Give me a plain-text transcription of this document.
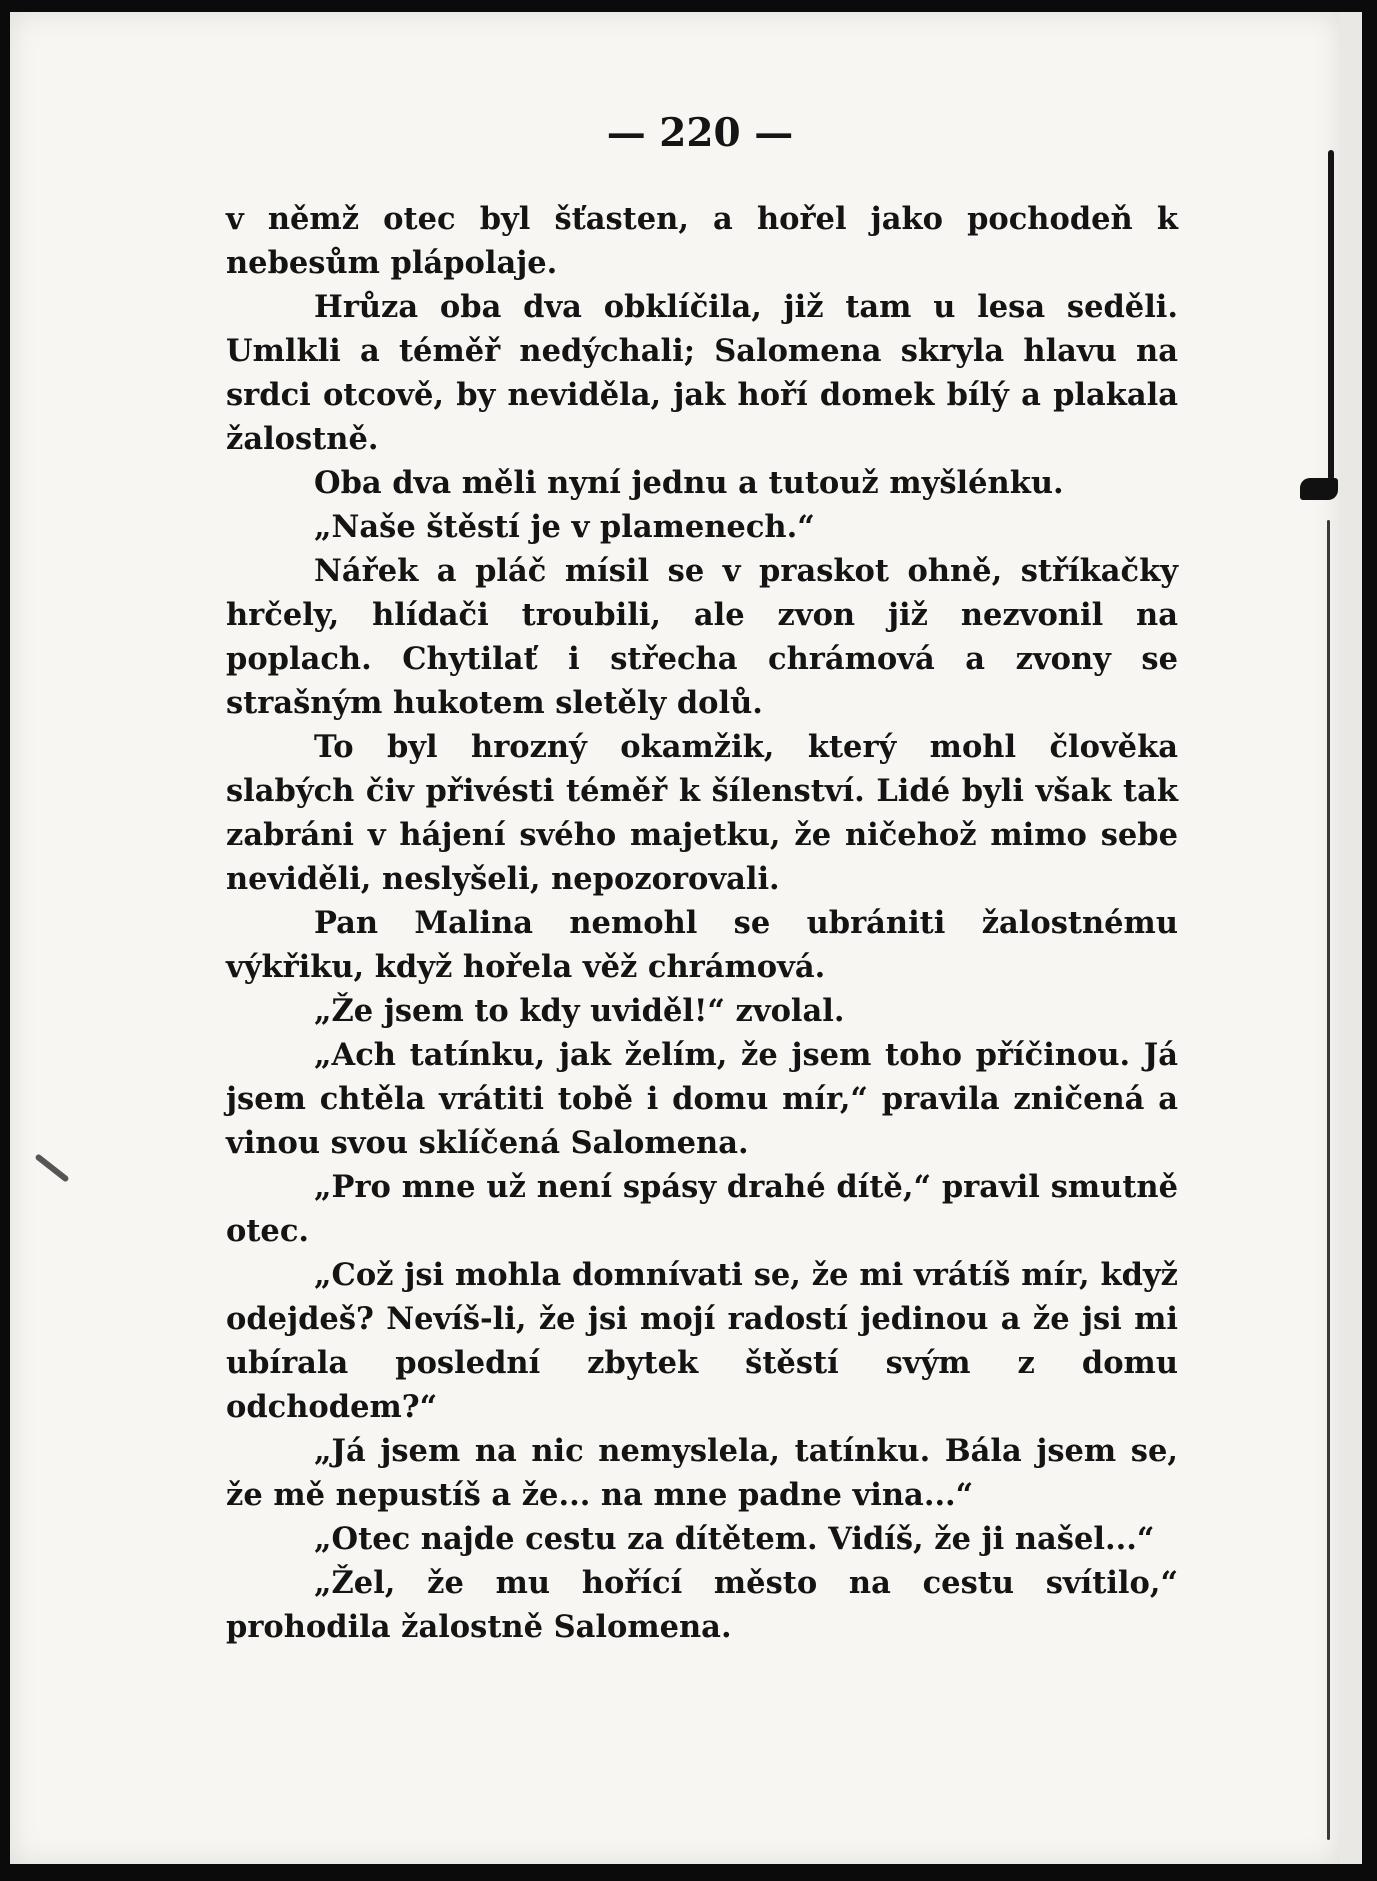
— 220 —

v němž otec byl šťasten, a hořel jako pochodeň k nebesům plápolaje.

Hrůza oba dva obklíčila, již tam u lesa seděli. Umlkli a téměř nedýchali; Salomena skryla hlavu na srdci otcově, by neviděla, jak hoří domek bílý a plakala žalostně.

Oba dva měli nyní jednu a tutouž myšlénku.

„Naše štěstí je v plamenech.“

Nářek a pláč mísil se v praskot ohně, stříkačky hrčely, hlídači troubili, ale zvon již nezvonil na poplach. Chytilať i střecha chrámová a zvony se strašným hukotem sletěly dolů.

To byl hrozný okamžik, který mohl člověka slabých čiv přivésti téměř k šílenství. Lidé byli však tak zabráni v hájení svého majetku, že ničehož mimo sebe neviděli, neslyšeli, nepozorovali.

Pan Malina nemohl se ubrániti žalostnému výkřiku, když hořela věž chrámová.

„Že jsem to kdy uviděl!“ zvolal.

„Ach tatínku, jak želím, že jsem toho příčinou. Já jsem chtěla vrátiti tobě i domu mír,“ pravila zničená a vinou svou sklíčená Salomena.

„Pro mne už není spásy drahé dítě,“ pravil smutně otec.

„Což jsi mohla domnívati se, že mi vrátíš mír, když odejdeš? Nevíš-li, že jsi mojí radostí jedinou a že jsi mi ubírala poslední zbytek štěstí svým z domu odchodem?“

„Já jsem na nic nemyslela, tatínku. Bála jsem se, že mě nepustíš a že... na mne padne vina...“

„Otec najde cestu za dítětem. Vidíš, že ji našel...“

„Žel, že mu hořící město na cestu svítilo,“ prohodila žalostně Salomena.
